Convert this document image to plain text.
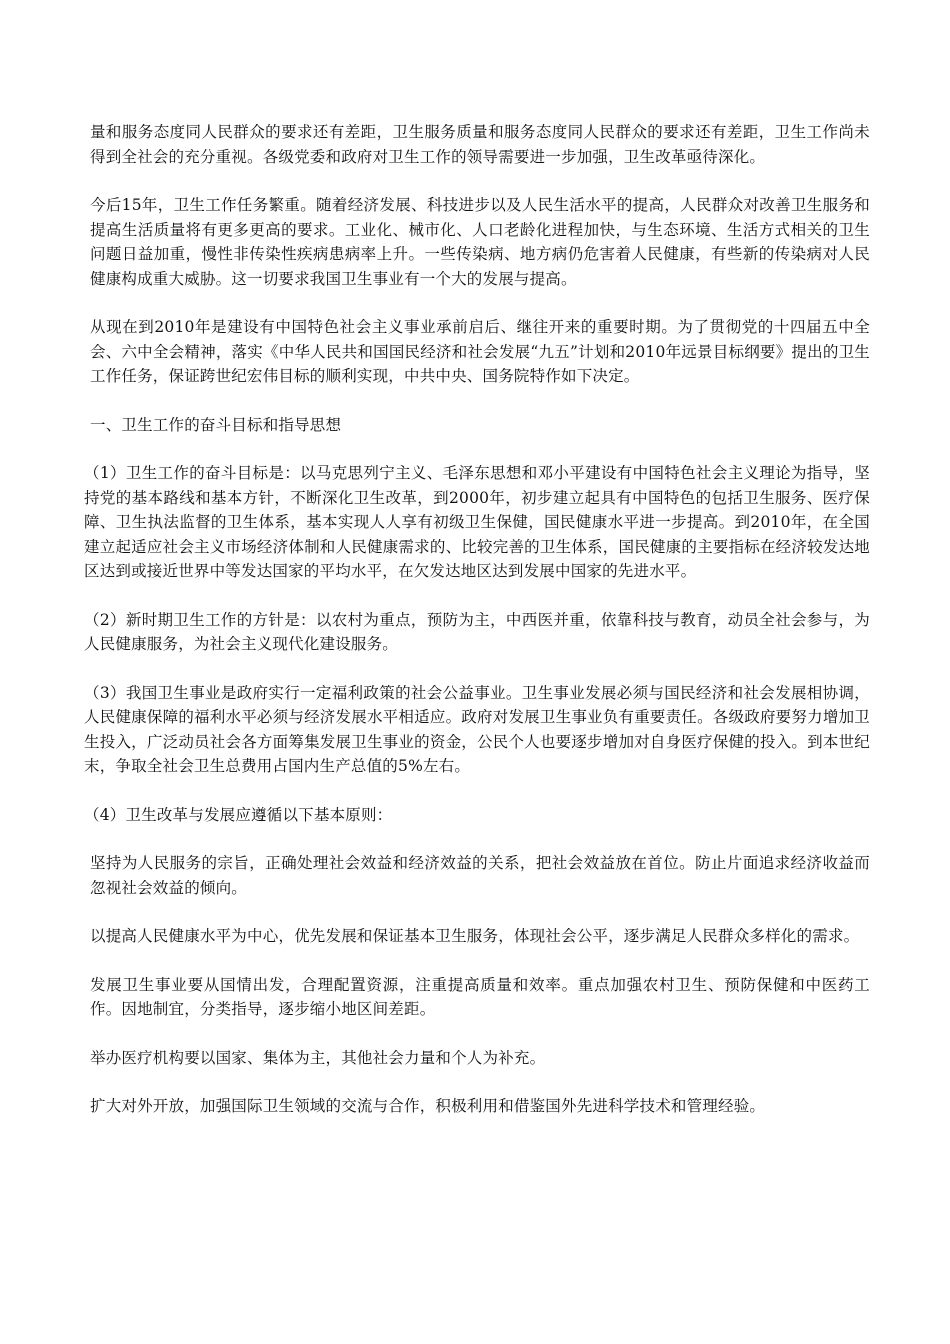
量和服务态度同人民群众的要求还有差距，卫生服务质量和服务态度同人民群众的要求还有差距，卫生工作尚未得到全社会的充分重视。各级党委和政府对卫生工作的领导需要进一步加强，卫生改革亟待深化。

今后15年，卫生工作任务繁重。随着经济发展、科技进步以及人民生活水平的提高，人民群众对改善卫生服务和提高生活质量将有更多更高的要求。工业化、械市化、人口老龄化进程加快，与生态环境、生活方式相关的卫生问题日益加重，慢性非传染性疾病患病率上升。一些传染病、地方病仍危害着人民健康，有些新的传染病对人民健康构成重大威胁。这一切要求我国卫生事业有一个大的发展与提高。

从现在到2010年是建设有中国特色社会主义事业承前启后、继往开来的重要时期。为了贯彻党的十四届五中全会、六中全会精神，落实《中华人民共和国国民经济和社会发展“九五”计划和2010年远景目标纲要》提出的卫生工作任务，保证跨世纪宏伟目标的顺利实现，中共中央、国务院特作如下决定。

一、卫生工作的奋斗目标和指导思想

（1）卫生工作的奋斗目标是：以马克思列宁主义、毛泽东思想和邓小平建设有中国特色社会主义理论为指导，坚持党的基本路线和基本方针，不断深化卫生改革，到2000年，初步建立起具有中国特色的包括卫生服务、医疗保障、卫生执法监督的卫生体系，基本实现人人享有初级卫生保健，国民健康水平进一步提高。到2010年，在全国建立起适应社会主义市场经济体制和人民健康需求的、比较完善的卫生体系，国民健康的主要指标在经济较发达地区达到或接近世界中等发达国家的平均水平，在欠发达地区达到发展中国家的先进水平。

（2）新时期卫生工作的方针是：以农村为重点，预防为主，中西医并重，依靠科技与教育，动员全社会参与，为人民健康服务，为社会主义现代化建设服务。

（3）我国卫生事业是政府实行一定福利政策的社会公益事业。卫生事业发展必须与国民经济和社会发展相协调，人民健康保障的福利水平必须与经济发展水平相适应。政府对发展卫生事业负有重要责任。各级政府要努力增加卫生投入，广泛动员社会各方面筹集发展卫生事业的资金，公民个人也要逐步增加对自身医疗保健的投入。到本世纪末，争取全社会卫生总费用占国内生产总值的5%左右。

（4）卫生改革与发展应遵循以下基本原则：

坚持为人民服务的宗旨，正确处理社会效益和经济效益的关系，把社会效益放在首位。防止片面追求经济收益而忽视社会效益的倾向。

以提高人民健康水平为中心，优先发展和保证基本卫生服务，体现社会公平，逐步满足人民群众多样化的需求。

发展卫生事业要从国情出发，合理配置资源，注重提高质量和效率。重点加强农村卫生、预防保健和中医药工作。因地制宜，分类指导，逐步缩小地区间差距。

举办医疗机构要以国家、集体为主，其他社会力量和个人为补充。

扩大对外开放，加强国际卫生领域的交流与合作，积极利用和借鉴国外先进科学技术和管理经验。
